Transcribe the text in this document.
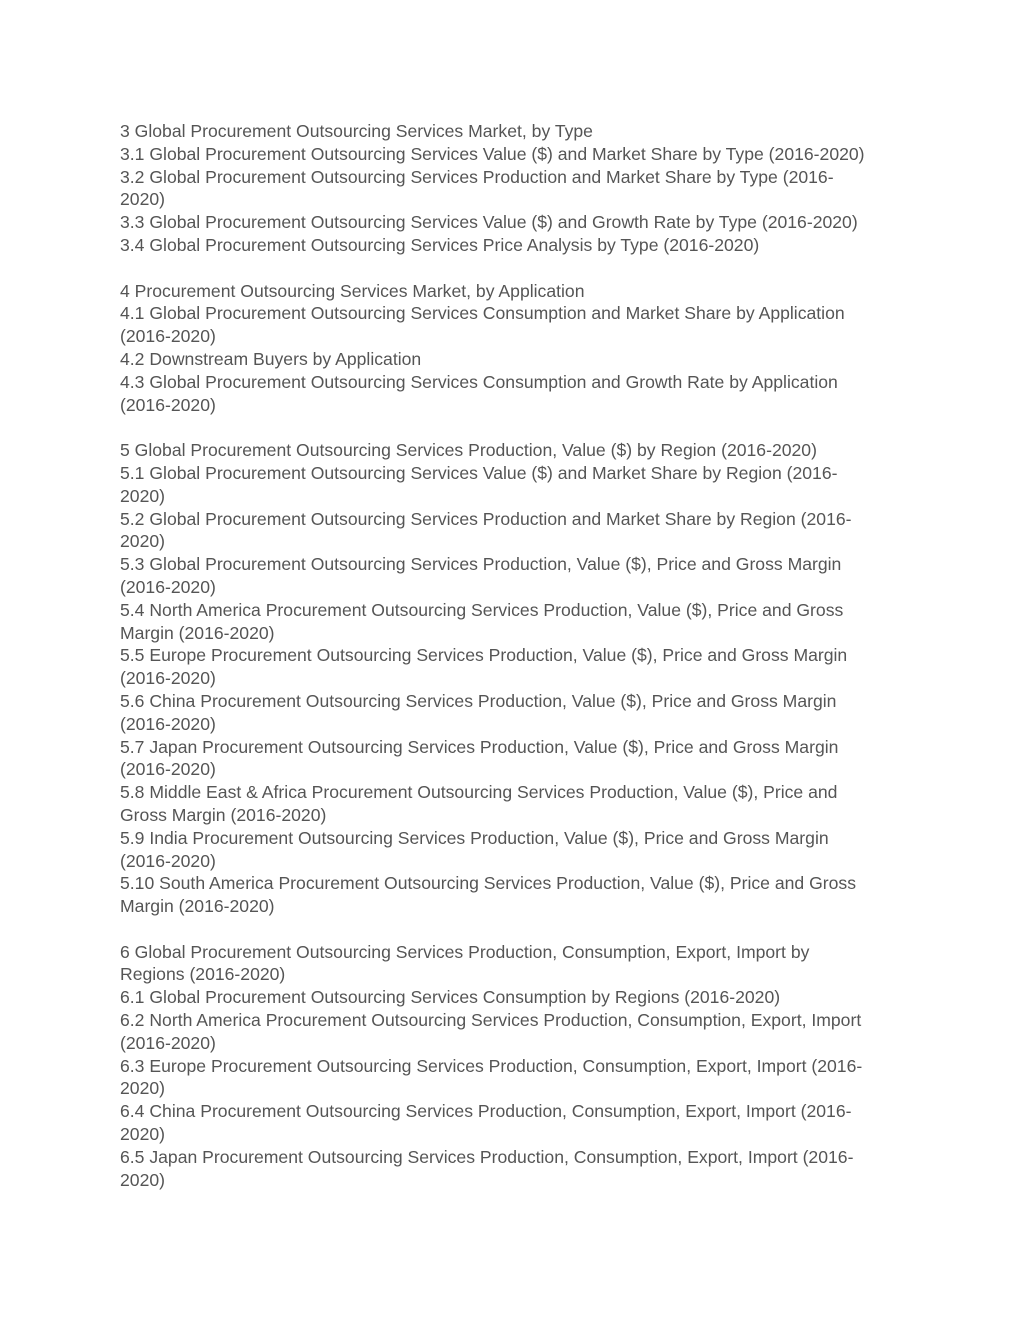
3 Global Procurement Outsourcing Services Market, by Type
3.1 Global Procurement Outsourcing Services Value ($) and Market Share by Type (2016-2020)
3.2 Global Procurement Outsourcing Services Production and Market Share by Type (2016-
2020)
3.3 Global Procurement Outsourcing Services Value ($) and Growth Rate by Type (2016-2020)
3.4 Global Procurement Outsourcing Services Price Analysis by Type (2016-2020)
4 Procurement Outsourcing Services Market, by Application
4.1 Global Procurement Outsourcing Services Consumption and Market Share by Application
(2016-2020)
4.2 Downstream Buyers by Application
4.3 Global Procurement Outsourcing Services Consumption and Growth Rate by Application
(2016-2020)
5 Global Procurement Outsourcing Services Production, Value ($) by Region (2016-2020)
5.1 Global Procurement Outsourcing Services Value ($) and Market Share by Region (2016-
2020)
5.2 Global Procurement Outsourcing Services Production and Market Share by Region (2016-
2020)
5.3 Global Procurement Outsourcing Services Production, Value ($), Price and Gross Margin
(2016-2020)
5.4 North America Procurement Outsourcing Services Production, Value ($), Price and Gross
Margin (2016-2020)
5.5 Europe Procurement Outsourcing Services Production, Value ($), Price and Gross Margin
(2016-2020)
5.6 China Procurement Outsourcing Services Production, Value ($), Price and Gross Margin
(2016-2020)
5.7 Japan Procurement Outsourcing Services Production, Value ($), Price and Gross Margin
(2016-2020)
5.8 Middle East & Africa Procurement Outsourcing Services Production, Value ($), Price and
Gross Margin (2016-2020)
5.9 India Procurement Outsourcing Services Production, Value ($), Price and Gross Margin
(2016-2020)
5.10 South America Procurement Outsourcing Services Production, Value ($), Price and Gross
Margin (2016-2020)
6 Global Procurement Outsourcing Services Production, Consumption, Export, Import by
Regions (2016-2020)
6.1 Global Procurement Outsourcing Services Consumption by Regions (2016-2020)
6.2 North America Procurement Outsourcing Services Production, Consumption, Export, Import
(2016-2020)
6.3 Europe Procurement Outsourcing Services Production, Consumption, Export, Import (2016-
2020)
6.4 China Procurement Outsourcing Services Production, Consumption, Export, Import (2016-
2020)
6.5 Japan Procurement Outsourcing Services Production, Consumption, Export, Import (2016-
2020)
